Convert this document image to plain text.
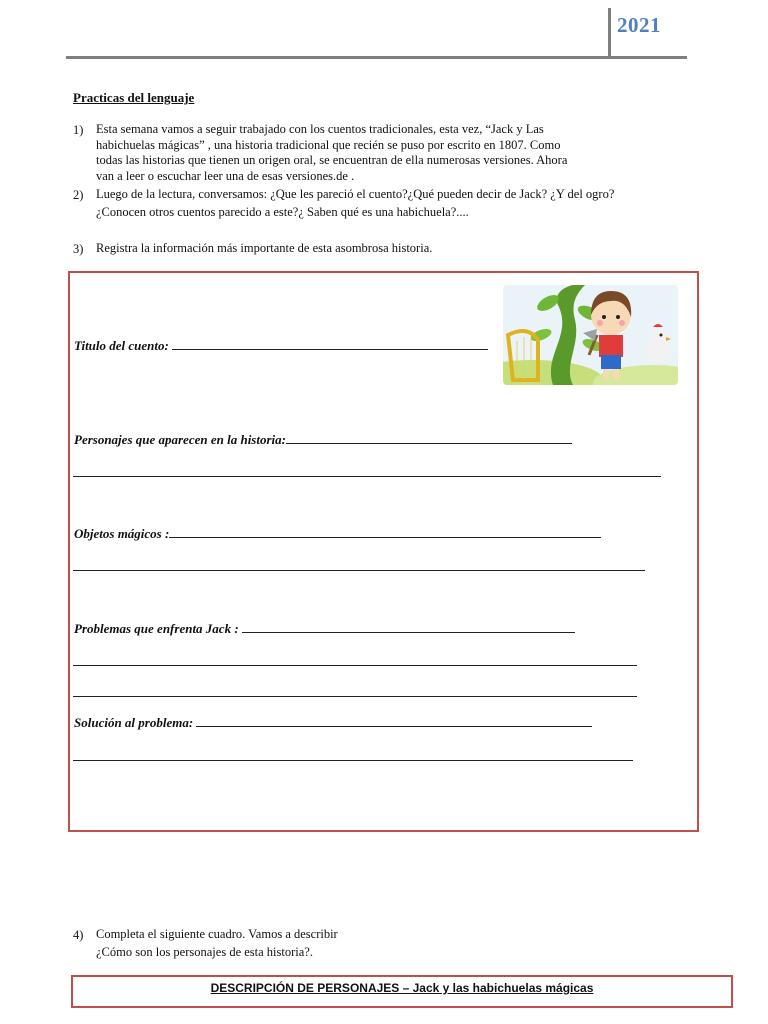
2021
Practicas del lenguaje
1) Esta semana vamos a seguir trabajado con los cuentos tradicionales, esta vez, “Jack y Las
habichuelas mágicas” , una historia tradicional que recién se puso por escrito en 1807. Como
todas las historias que tienen un origen oral, se encuentran de ella numerosas versiones. Ahora
van a leer o escuchar leer una de esas versiones.de .
2) Luego de la lectura, conversamos: ¿Que les pareció el cuento?¿Qué pueden decir de Jack? ¿Y del ogro?
¿Conocen otros cuentos parecido a este?¿ Saben qué es una habichuela?....
3) Registra la información más importante de esta asombrosa historia.
Titulo del cuento:
Personajes que aparecen en la historia:
Objetos mágicos :
Problemas que enfrenta Jack :
Solución al problema:
4) Completa el siguiente cuadro. Vamos a describir
¿Cómo son los personajes de esta historia?.
DESCRIPCIÓN DE PERSONAJES – Jack y las habichuelas mágicas
